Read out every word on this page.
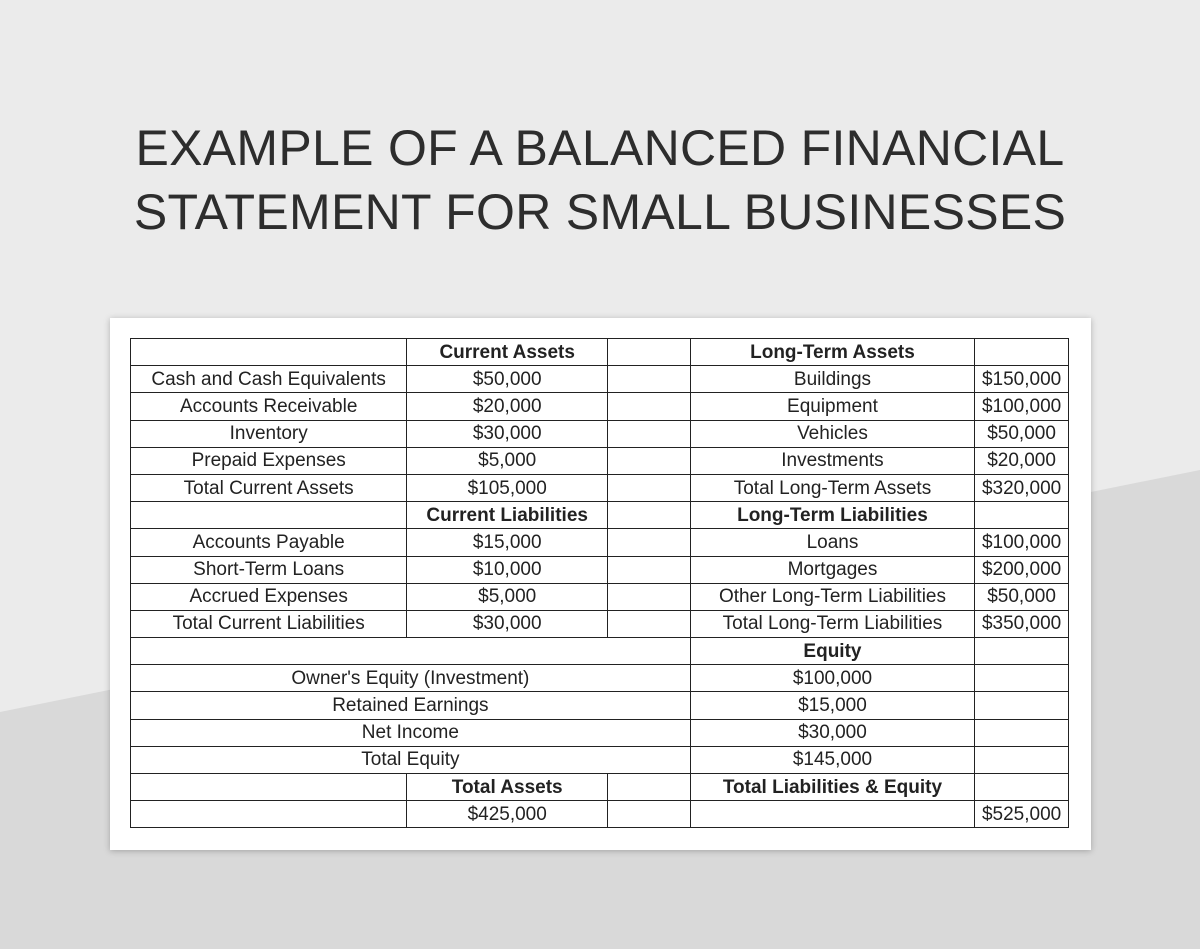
EXAMPLE OF A BALANCED FINANCIAL
STATEMENT FOR SMALL BUSINESSES
	Current Assets		Long-Term Assets	
Cash and Cash Equivalents	$50,000		Buildings	$150,000
Accounts Receivable	$20,000		Equipment	$100,000
Inventory	$30,000		Vehicles	$50,000
Prepaid Expenses	$5,000		Investments	$20,000
Total Current Assets	$105,000		Total Long-Term Assets	$320,000
	Current Liabilities		Long-Term Liabilities	
Accounts Payable	$15,000		Loans	$100,000
Short-Term Loans	$10,000		Mortgages	$200,000
Accrued Expenses	$5,000		Other Long-Term Liabilities	$50,000
Total Current Liabilities	$30,000		Total Long-Term Liabilities	$350,000
			Equity	
Owner's Equity (Investment)			$100,000	
Retained Earnings			$15,000	
Net Income			$30,000	
Total Equity			$145,000	
	Total Assets		Total Liabilities & Equity	
	$425,000			$525,000
